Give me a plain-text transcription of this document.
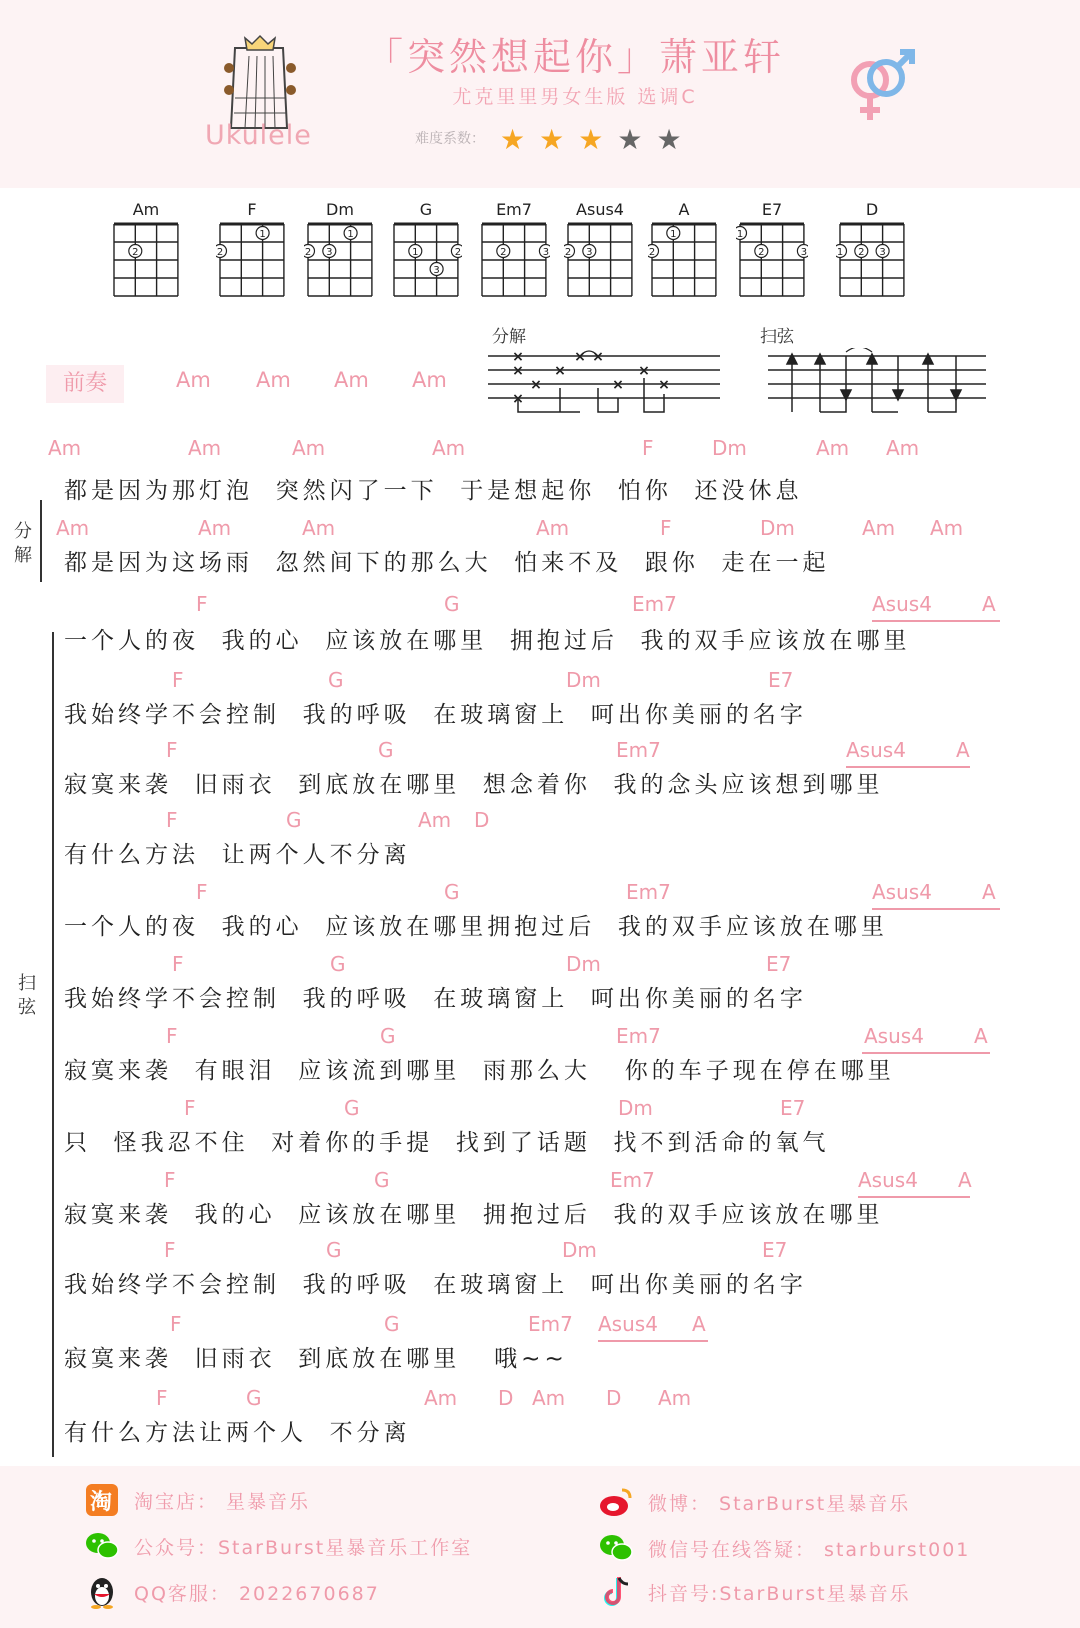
Ukulele
「突然想起你」萧亚轩
尤克里里男女生版 选调C
难度系数： ★ ★ ★ ★ ★
Am
2
F
2
1
Dm
2 3
1
G
1
3
2
Em7
2	3
Asus4
2 3
A
2
1
E7
1
2	3
D
1 2 3
分解
×
×
×
×
×
× ×
×
×
×
扫弦
前奏	Am Am Am Am
分解
扫弦
Am	Am	Am	Am	F	Dm	Am Am
都是因为那灯泡  突然闪了一下  于是想起你  怕你  还没休息
Am	Am	Am	Am	F	Dm	Am Am
都是因为这场雨  忽然间下的那么大  怕来不及  跟你  走在一起
F	G	Em7	Asus4	A
一个人的夜  我的心  应该放在哪里  拥抱过后  我的双手应该放在哪里
F	G	Dm	E7
我始终学不会控制  我的呼吸  在玻璃窗上  呵出你美丽的名字
F	G	Em7	Asus4	A
寂寞来袭  旧雨衣  到底放在哪里  想念着你  我的念头应该想到哪里
F	G	Am D
有什么方法  让两个人不分离
F	G	Em7	Asus4	A
一个人的夜  我的心  应该放在哪里拥抱过后  我的双手应该放在哪里
F	G	Dm	E7
我始终学不会控制  我的呼吸  在玻璃窗上  呵出你美丽的名字
F	G	Em7	Asus4	A
寂寞来袭  有眼泪  应该流到哪里  雨那么大   你的车子现在停在哪里
F	G	Dm	E7
只  怪我忍不住  对着你的手提  找到了话题  找不到活命的氧气
F	G	Em7	Asus4 A
寂寞来袭  我的心  应该放在哪里  拥抱过后  我的双手应该放在哪里
F	G	Dm	E7
我始终学不会控制  我的呼吸  在玻璃窗上  呵出你美丽的名字
F	G	Em7 Asus4 A
寂寞来袭  旧雨衣  到底放在哪里   哦~~
F	G	Am D Am D Am
有什么方法让两个人  不分离
淘 淘宝店： 星暴音乐	微博： StarBurst星暴音乐
公众号：StarBurst星暴音乐工作室	微信号在线答疑： starburst001
QQ客服： 2022670687	抖音号:StarBurst星暴音乐
